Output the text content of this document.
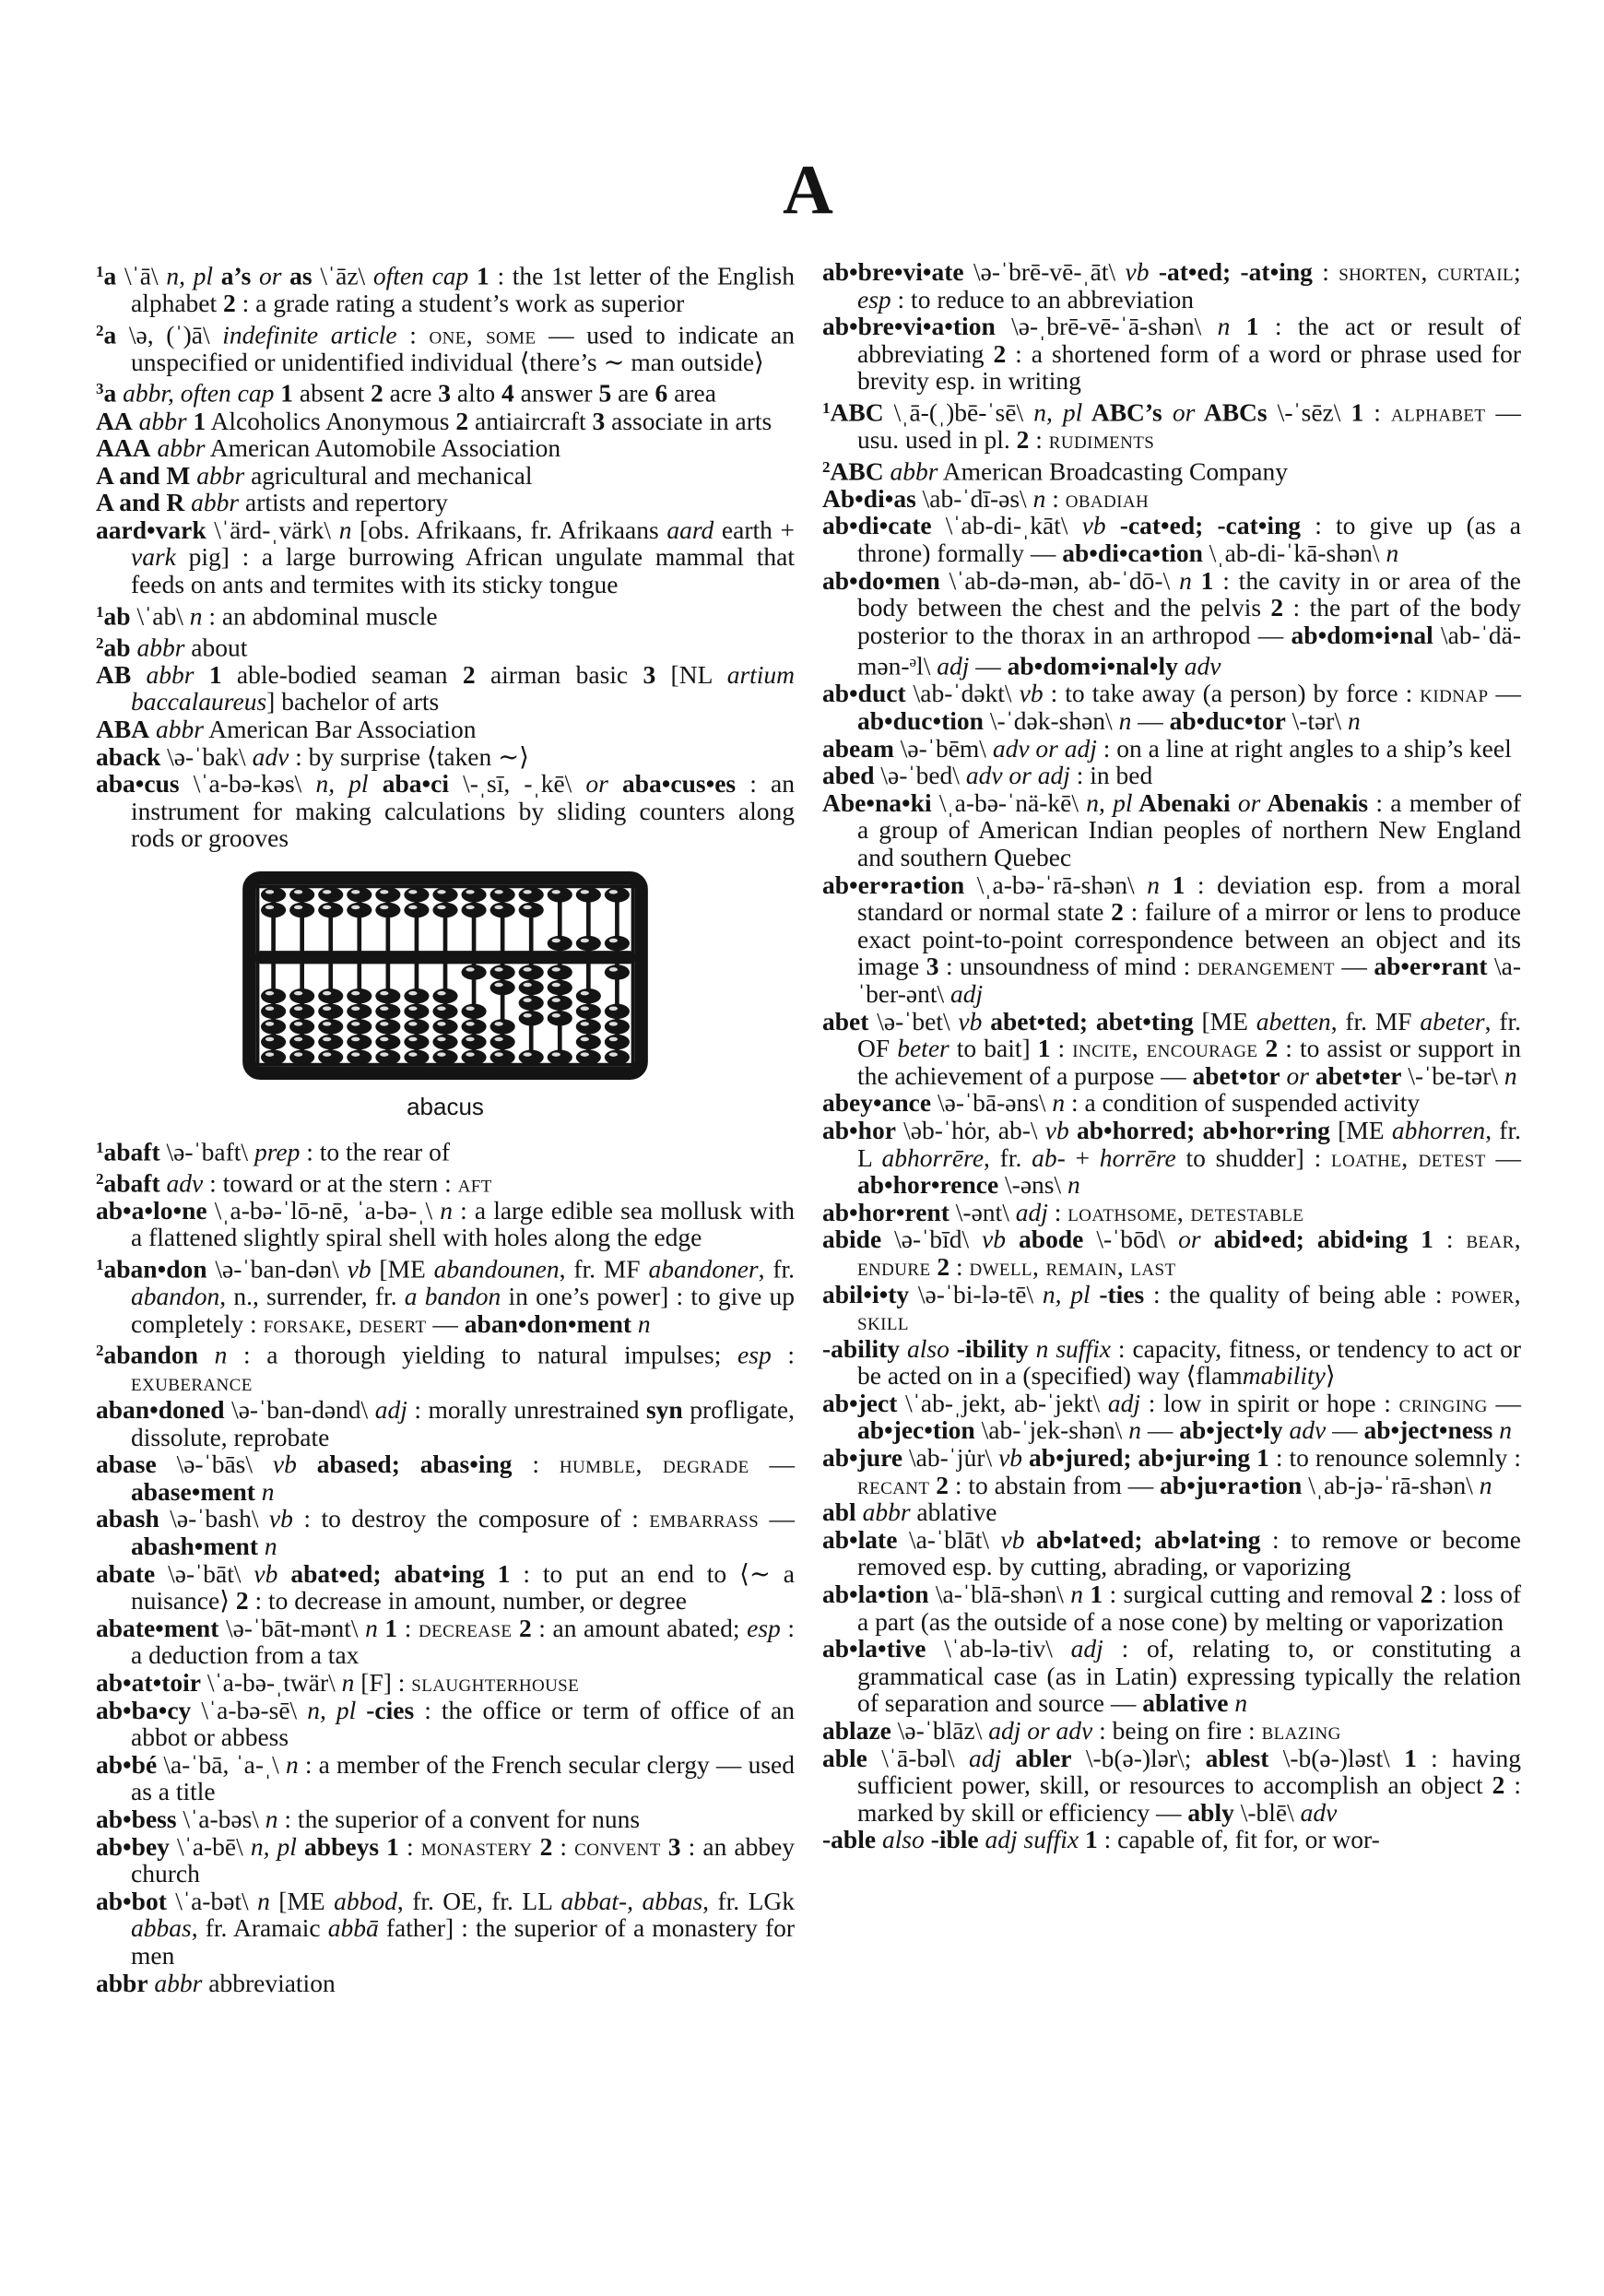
A

$^1$a \ˈā\ n, pl a’s or as \ˈāz\ often cap 1 : the 1st letter of the English alphabet 2 : a grade rating a student’s work as superior

$^2$a \ə, (ˈ)ā\ indefinite article : one, some — used to indicate an unspecified or unidentified individual ⟨there’s ∼ man outside⟩

$^3$a abbr, often cap 1 absent 2 acre 3 alto 4 answer 5 are 6 area

AA abbr 1 Alcoholics Anonymous 2 antiaircraft 3 associate in arts

AAA abbr American Automobile Association

A and M abbr agricultural and mechanical

A and R abbr artists and repertory

aard•vark \ˈärd-ˌvärk\ n [obs. Afrikaans, fr. Afrikaans aard earth + vark pig] : a large burrowing African ungulate mammal that feeds on ants and termites with its sticky tongue

$^1$ab \ˈab\ n : an abdominal muscle

$^2$ab abbr about

AB abbr 1 able-bodied seaman 2 airman basic 3 [NL artium baccalaureus] bachelor of arts

ABA abbr American Bar Association

aback \ə-ˈbak\ adv : by surprise ⟨taken ∼⟩

aba•cus \ˈa-bə-kəs\ n, pl aba•ci \-ˌsī, -ˌkē\ or aba•cus•es : an instrument for making calculations by sliding counters along rods or grooves

abacus

$^1$abaft \ə-ˈbaft\ prep : to the rear of

$^2$abaft adv : toward or at the stern : aft

ab•a•lo•ne \ˌa-bə-ˈlō-nē, ˈa-bə-ˌ\ n : a large edible sea mollusk with a flattened slightly spiral shell with holes along the edge

$^1$aban•don \ə-ˈban-dən\ vb [ME abandounen, fr. MF abandoner, fr. abandon, n., surrender, fr. a bandon in one’s power] : to give up completely : forsake, desert — aban•don•ment n

$^2$abandon n : a thorough yielding to natural impulses; esp : exuberance

aban•doned \ə-ˈban-dənd\ adj : morally unrestrained syn profligate, dissolute, reprobate

abase \ə-ˈbās\ vb abased; abas•ing : humble, degrade — abase•ment n

abash \ə-ˈbash\ vb : to destroy the composure of : embarrass — abash•ment n

abate \ə-ˈbāt\ vb abat•ed; abat•ing 1 : to put an end to ⟨∼ a nuisance⟩ 2 : to decrease in amount, number, or degree

abate•ment \ə-ˈbāt-mənt\ n 1 : decrease 2 : an amount abated; esp : a deduction from a tax

ab•at•toir \ˈa-bə-ˌtwär\ n [F] : slaughterhouse

ab•ba•cy \ˈa-bə-sē\ n, pl -cies : the office or term of office of an abbot or abbess

ab•bé \a-ˈbā, ˈa-ˌ\ n : a member of the French secular clergy — used as a title

ab•bess \ˈa-bəs\ n : the superior of a convent for nuns

ab•bey \ˈa-bē\ n, pl abbeys 1 : monastery 2 : convent 3 : an abbey church

ab•bot \ˈa-bət\ n [ME abbod, fr. OE, fr. LL abbat-, abbas, fr. LGk abbas, fr. Aramaic abbā father] : the superior of a monastery for men

abbr abbr abbreviation

ab•bre•vi•ate \ə-ˈbrē-vē-ˌāt\ vb -at•ed; -at•ing : shorten, curtail; esp : to reduce to an abbreviation

ab•bre•vi•a•tion \ə-ˌbrē-vē-ˈā-shən\ n 1 : the act or result of abbreviating 2 : a shortened form of a word or phrase used for brevity esp. in writing

$^1$ABC \ˌā-(ˌ)bē-ˈsē\ n, pl ABC’s or ABCs \-ˈsēz\ 1 : alphabet — usu. used in pl. 2 : rudiments

$^2$ABC abbr American Broadcasting Company

Ab•di•as \ab-ˈdī-əs\ n : obadiah

ab•di•cate \ˈab-di-ˌkāt\ vb -cat•ed; -cat•ing : to give up (as a throne) formally — ab•di•ca•tion \ˌab-di-ˈkā-shən\ n

ab•do•men \ˈab-də-mən, ab-ˈdō-\ n 1 : the cavity in or area of the body between the chest and the pelvis 2 : the part of the body posterior to the thorax in an arthropod — ab•dom•i•nal \ab-ˈdä-mən-$^ə$l\ adj — ab•dom•i•nal•ly adv

ab•duct \ab-ˈdəkt\ vb : to take away (a person) by force : kidnap — ab•duc•tion \-ˈdək-shən\ n — ab•duc•tor \-tər\ n

abeam \ə-ˈbēm\ adv or adj : on a line at right angles to a ship’s keel

abed \ə-ˈbed\ adv or adj : in bed

Abe•na•ki \ˌa-bə-ˈnä-kē\ n, pl Abenaki or Abenakis : a member of a group of American Indian peoples of northern New England and southern Quebec

ab•er•ra•tion \ˌa-bə-ˈrā-shən\ n 1 : deviation esp. from a moral standard or normal state 2 : failure of a mirror or lens to produce exact point-to-point correspondence between an object and its image 3 : unsoundness of mind : derangement — ab•er•rant \a-ˈber-ənt\ adj

abet \ə-ˈbet\ vb abet•ted; abet•ting [ME abetten, fr. MF abeter, fr. OF beter to bait] 1 : incite, encourage 2 : to assist or support in the achievement of a purpose — abet•tor or abet•ter \-ˈbe-tər\ n

abey•ance \ə-ˈbā-əns\ n : a condition of suspended activity

ab•hor \əb-ˈhȯr, ab-\ vb ab•horred; ab•hor•ring [ME abhorren, fr. L abhorrēre, fr. ab- + horrēre to shudder] : loathe, detest — ab•hor•rence \-əns\ n

ab•hor•rent \-ənt\ adj : loathsome, detestable

abide \ə-ˈbīd\ vb abode \-ˈbōd\ or abid•ed; abid•ing 1 : bear, endure 2 : dwell, remain, last

abil•i•ty \ə-ˈbi-lə-tē\ n, pl -ties : the quality of being able : power, skill

-ability also -ibility n suffix : capacity, fitness, or tendency to act or be acted on in a (specified) way ⟨flammability⟩

ab•ject \ˈab-ˌjekt, ab-ˈjekt\ adj : low in spirit or hope : cringing — ab•jec•tion \ab-ˈjek-shən\ n — ab•ject•ly adv — ab•ject•ness n

ab•jure \ab-ˈju̇r\ vb ab•jured; ab•jur•ing 1 : to renounce solemnly : recant 2 : to abstain from — ab•ju•ra•tion \ˌab-jə-ˈrā-shən\ n

abl abbr ablative

ab•late \a-ˈblāt\ vb ab•lat•ed; ab•lat•ing : to remove or become removed esp. by cutting, abrading, or vaporizing

ab•la•tion \a-ˈblā-shən\ n 1 : surgical cutting and removal 2 : loss of a part (as the outside of a nose cone) by melting or vaporization

ab•la•tive \ˈab-lə-tiv\ adj : of, relating to, or constituting a grammatical case (as in Latin) expressing typically the relation of separation and source — ablative n

ablaze \ə-ˈblāz\ adj or adv : being on fire : blazing

able \ˈā-bəl\ adj abler \-b(ə-)lər\; ablest \-b(ə-)ləst\ 1 : having sufficient power, skill, or resources to accomplish an object 2 : marked by skill or efficiency — ably \-blē\ adv

-able also -ible adj suffix 1 : capable of, fit for, or wor-
